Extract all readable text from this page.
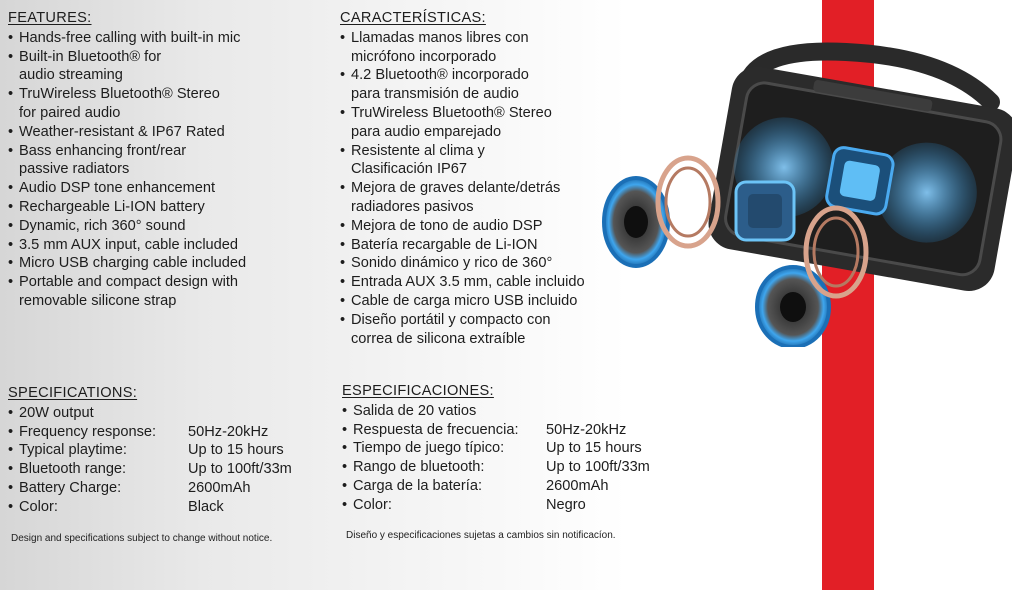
FEATURES:
• Hands-free calling with built-in mic
• Built-in Bluetooth® for
audio streaming
• TruWireless Bluetooth® Stereo
for paired audio
• Weather-resistant & IP67 Rated
• Bass enhancing front/rear
passive radiators
• Audio DSP tone enhancement
• Rechargeable Li-ION battery
• Dynamic, rich 360° sound
• 3.5 mm AUX input, cable included
• Micro USB charging cable included
• Portable and compact design with
removable silicone strap
CARACTERÍSTICAS:
• Llamadas manos libres con
micrófono incorporado
• 4.2 Bluetooth® incorporado
para transmisión de audio
• TruWireless Bluetooth® Stereo
para audio emparejado
• Resistente al clima y
Clasificación IP67
• Mejora de graves delante/detrás
radiadores pasivos
• Mejora de tono de audio DSP
• Batería recargable de Li-ION
• Sonido dinámico y rico de 360°
• Entrada AUX 3.5 mm, cable incluido
• Cable de carga micro USB incluido
• Diseño portátil y compacto con
correa de silicona extraíble
SPECIFICATIONS:
• 20W output
• Frequency response: 50Hz-20kHz
• Typical playtime:	Up to 15 hours
• Bluetooth range:	Up to 100ft/33m
• Battery Charge:	2600mAh
• Color:	Black
ESPECIFICACIONES:
• Salida de 20 vatios
• Respuesta de frecuencia: 50Hz-20kHz
• Tiempo de juego típico:	Up to 15 hours
• Rango de bluetooth:	Up to 100ft/33m
• Carga de la batería:	2600mAh
• Color:	Negro
Design and specifications subject to change without notice.	Diseño y especificaciones sujetas a cambios sin notificacíon.
